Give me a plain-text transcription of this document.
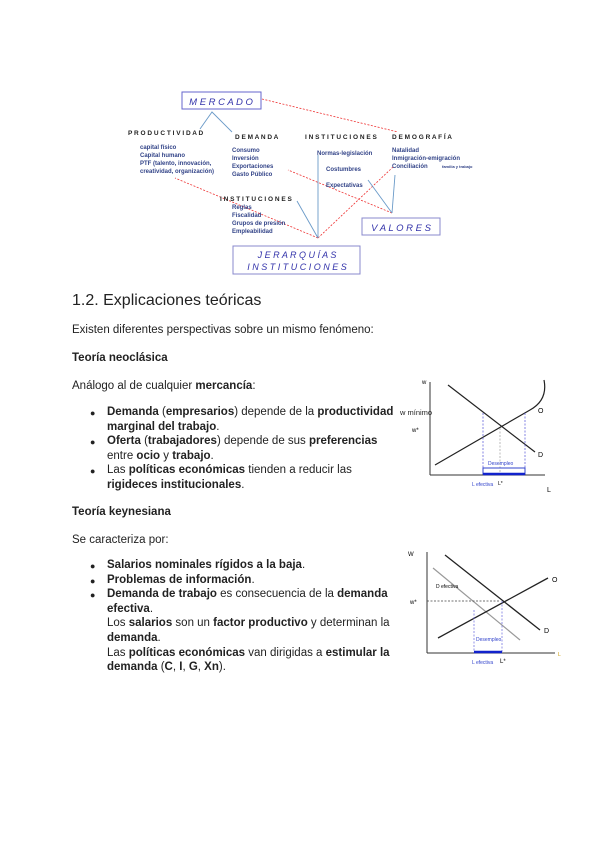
M E R C A D O
P R O D U C T I V I D A D
capital físico
Capital humano
PTF (talento, innovación,
creatividad, organización)
D E M A N D A
Consumo
Inversión
Exportaciones
Gasto Público
I N S T I T U C I O N E S
Normas-legislación
Costumbres
Expectativas
D E M O G R A F Í A
Natalidad
Inmigración-emigración
Conciliación	familia y trabajo
I N S T I T U C I O N E S
Reglas
Fiscalidad
Grupos de presión
Empleabilidad	V A L O R E S
J E R A R Q U Í A S
I N S T I T U C I O N E S
1.2. Explicaciones teóricas
Existen diferentes perspectivas sobre un mismo fenómeno:
Teoría neoclásica
Análogo al de cualquier mercancía:
● Demanda (empresarios) depende de la productividad marginal del trabajo.
● Oferta (trabajadores) depende de sus preferencias entre ocio y trabajo.
● Las políticas económicas tienden a reducir las rigideces institucionales.
w
L
w mínimo
w*
O
D
Desempleo
L efectiva L*
Teoría keynesiana
Se caracteriza por:
● Salarios nominales rígidos a la baja.
● Problemas de información.
● Demanda de trabajo es consecuencia de la demanda efectiva.
Los salarios son un factor productivo y determinan la demanda.
Las políticas económicas van dirigidas a estimular la demanda (C, I, G, Xn).
W
L
w*
O
D
D efectiva
Desempleo
L efectiva L*
